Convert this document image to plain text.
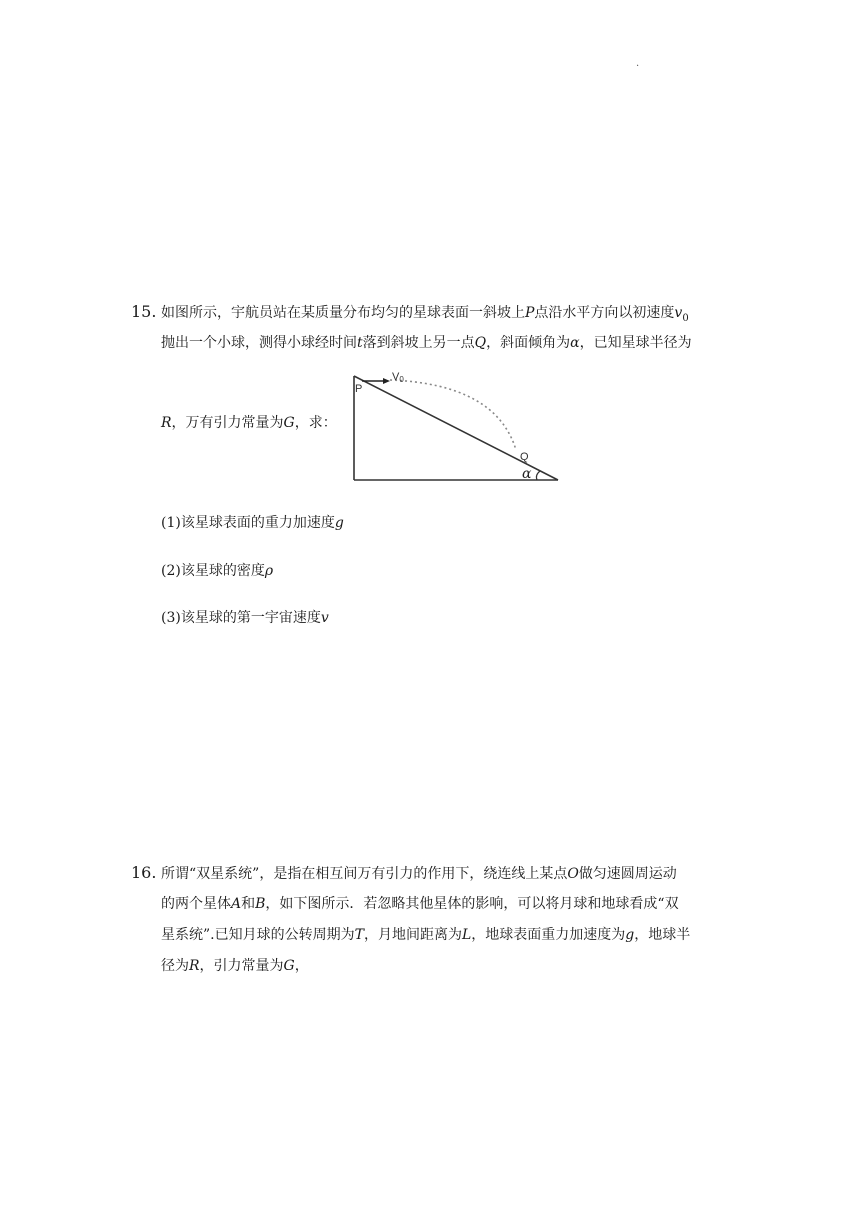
.
15. 如图所示，宇航员站在某质量分布均匀的星球表面一斜坡上P点沿水平方向以初速度$v_0$
抛出一个小球，测得小球经时间t落到斜坡上另一点Q，斜面倾角为α，已知星球半径为
R，万有引力常量为G，求：
P
V0
Q
α
(1)该星球表面的重力加速度g
(2)该星球的密度ρ
(3)该星球的第一宇宙速度v
16. 所谓“双星系统”，是指在相互间万有引力的作用下，绕连线上某点O做匀速圆周运动
的两个星体A和B，如下图所示．若忽略其他星体的影响，可以将月球和地球看成“双
星系统”.已知月球的公转周期为T，月地间距离为L，地球表面重力加速度为g，地球半
径为R，引力常量为G，
